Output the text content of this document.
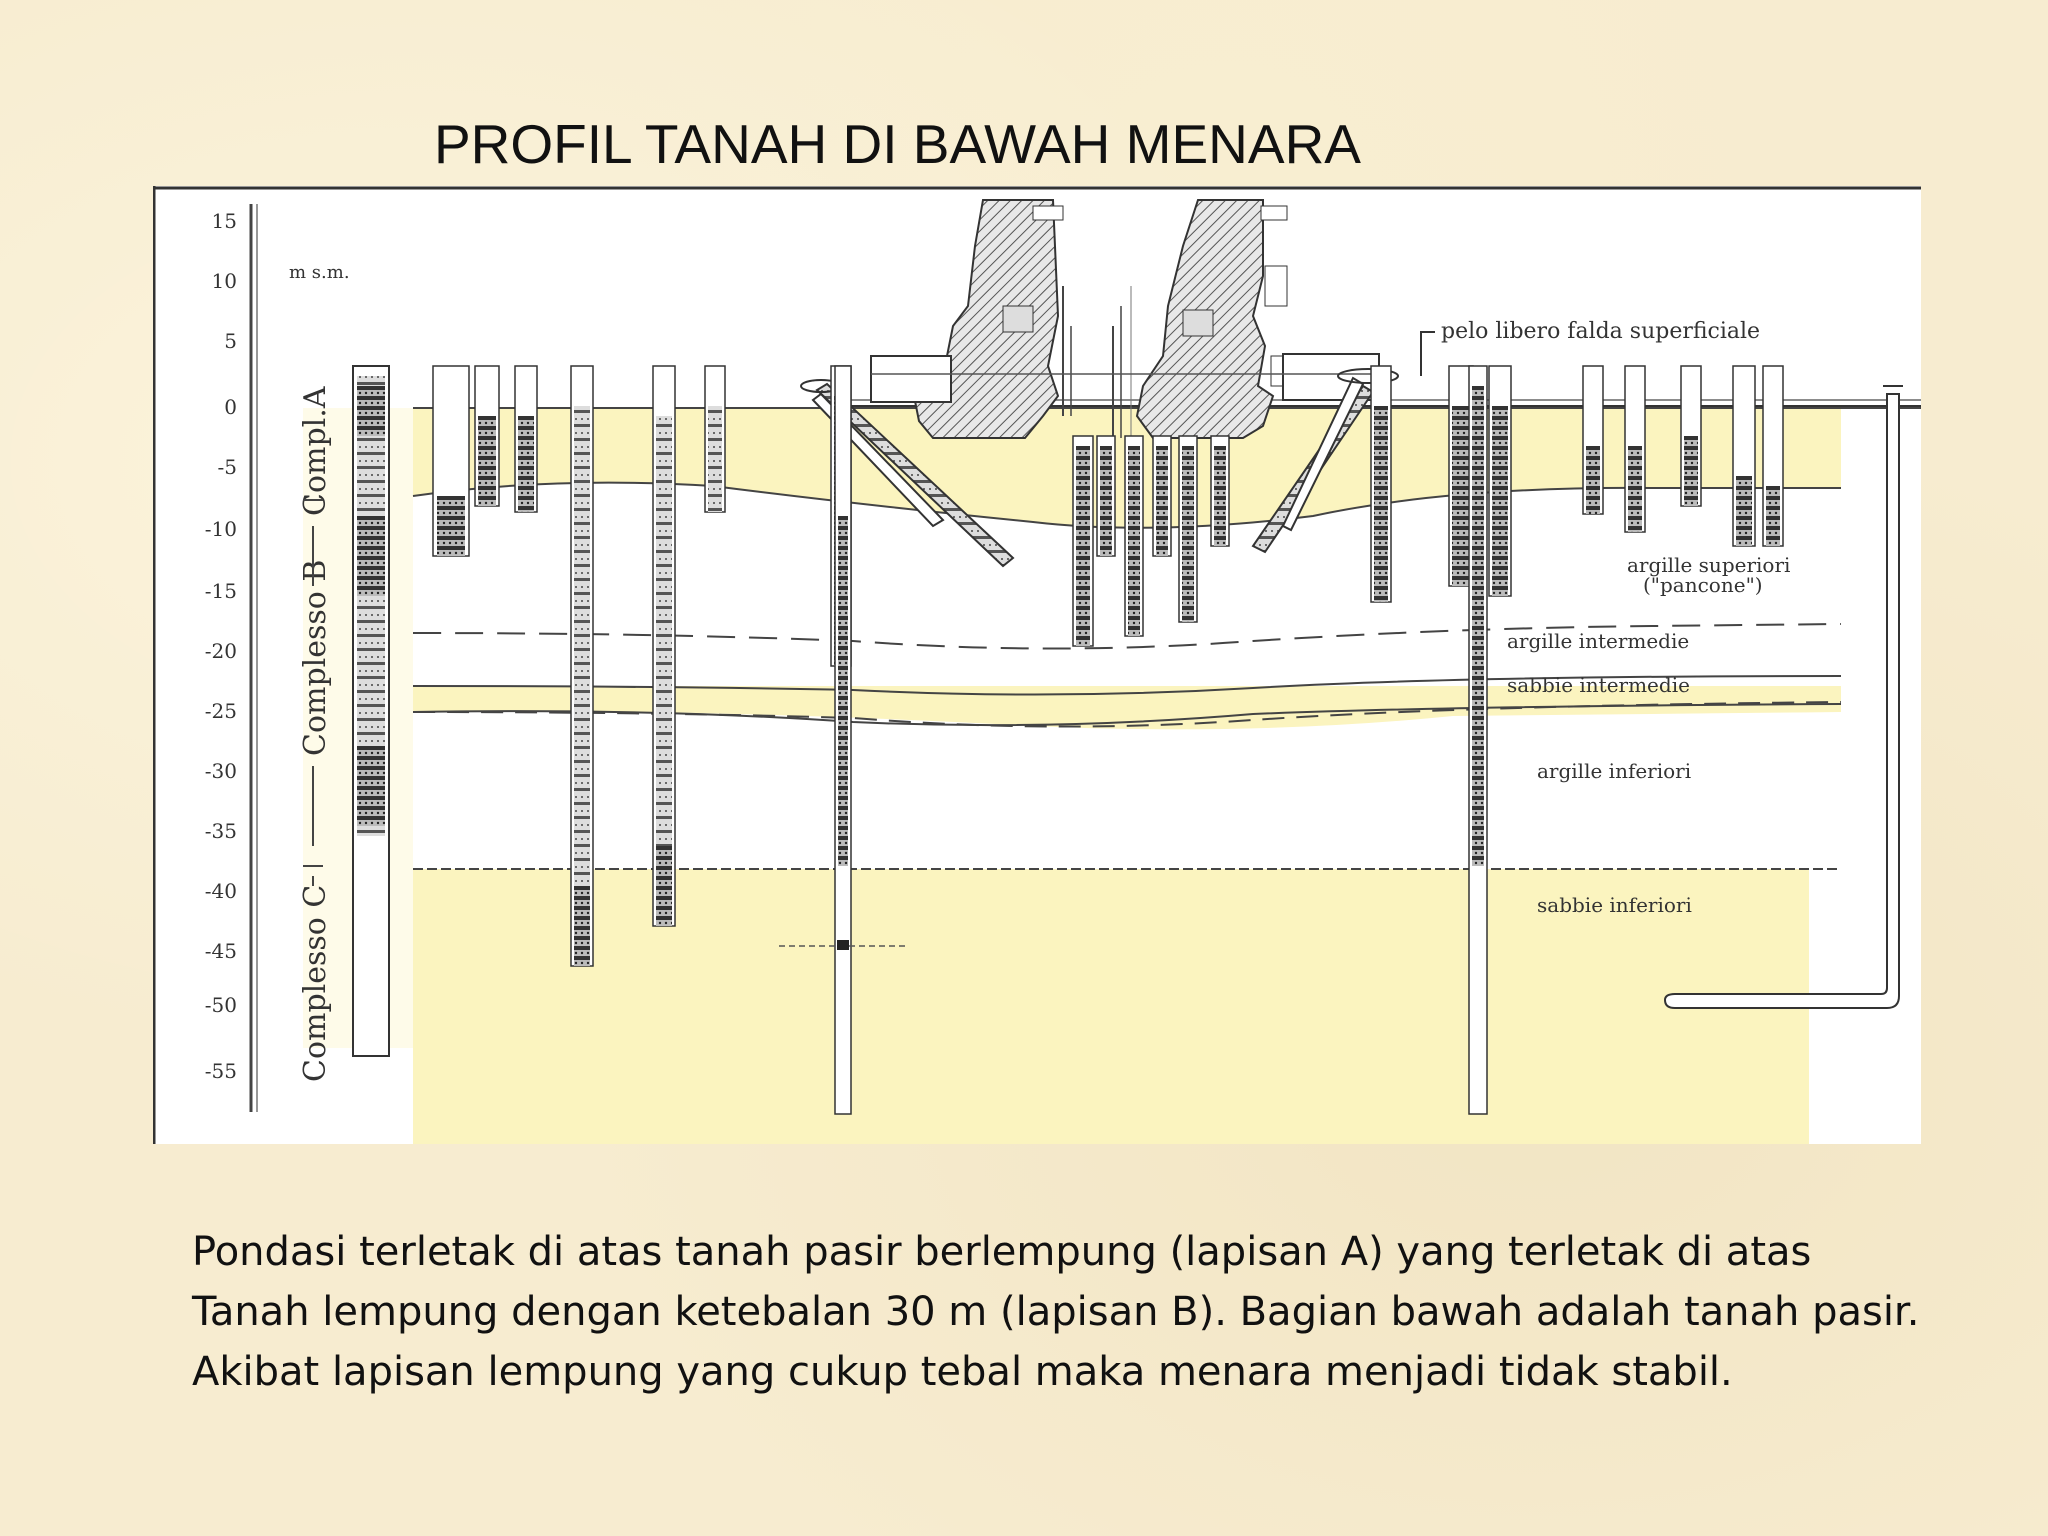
PROFIL TANAH DI BAWAH MENARA
15
10
5
0
-5
-10
-15
-20
-25
-30
-35
-40
-45
-50
-55
m s.m.
Compl.A
Complesso B
Complesso C
pelo libero falda superficiale
argille superiori
("pancone")
argille intermedie
sabbie intermedie
argille inferiori
sabbie inferiori
Pondasi terletak di atas tanah pasir berlempung (lapisan A) yang terletak di atas
Tanah lempung dengan ketebalan 30 m (lapisan B). Bagian bawah adalah tanah pasir.
Akibat lapisan lempung yang cukup tebal maka menara menjadi tidak stabil.
